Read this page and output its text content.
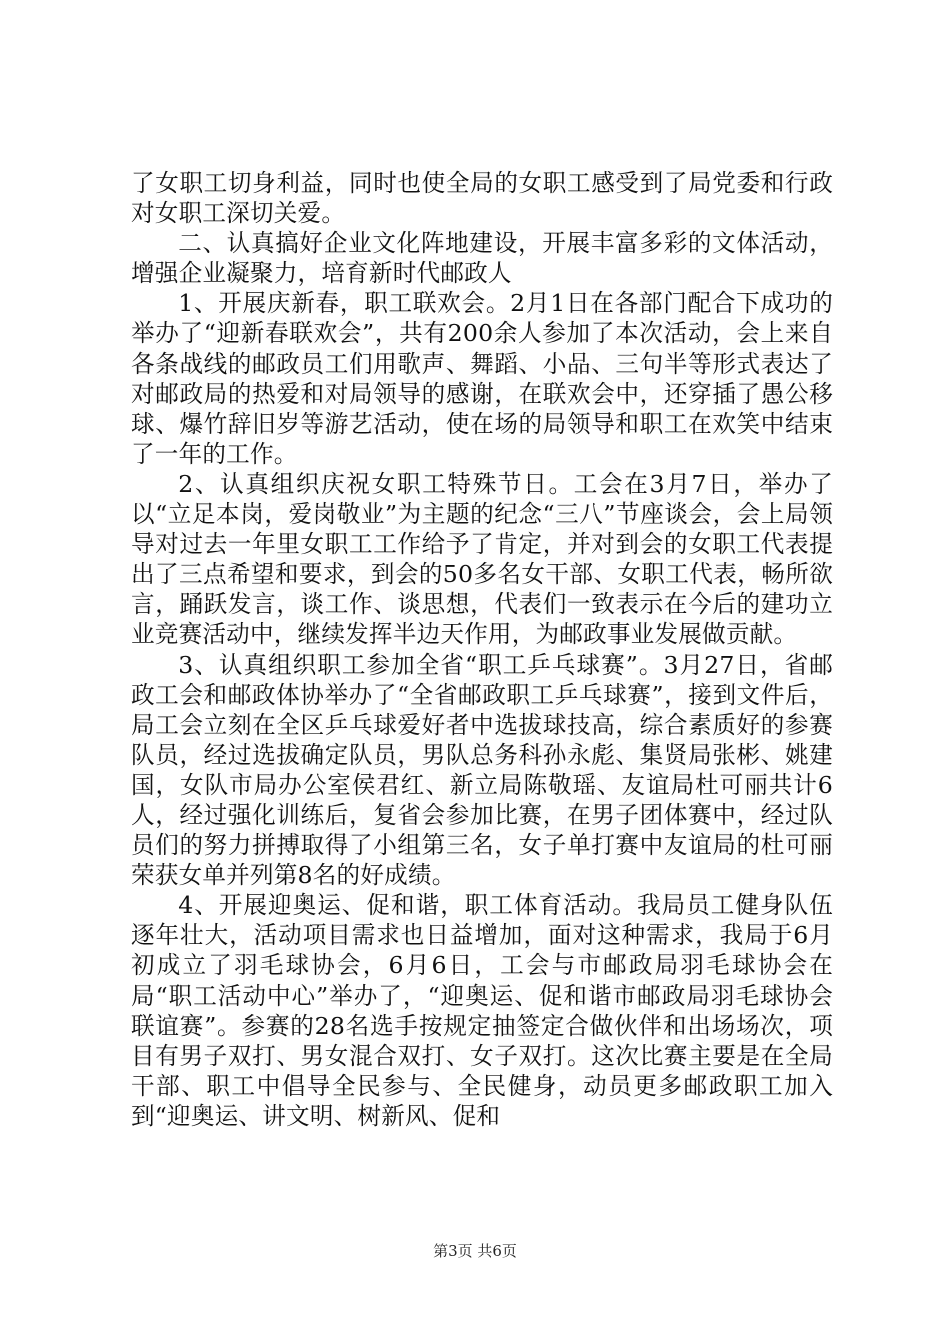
了女职工切身利益，同时也使全局的女职工感受到了局党委和行政对女职工深切关爱。

二、认真搞好企业文化阵地建设，开展丰富多彩的文体活动，增强企业凝聚力，培育新时代邮政人

1、开展庆新春，职工联欢会。2月1日在各部门配合下成功的举办了“迎新春联欢会”，共有200余人参加了本次活动，会上来自各条战线的邮政员工们用歌声、舞蹈、小品、三句半等形式表达了对邮政局的热爱和对局领导的感谢，在联欢会中，还穿插了愚公移球、爆竹辞旧岁等游艺活动，使在场的局领导和职工在欢笑中结束了一年的工作。

2、认真组织庆祝女职工特殊节日。工会在3月7日，举办了以“立足本岗，爱岗敬业”为主题的纪念“三八”节座谈会，会上局领导对过去一年里女职工工作给予了肯定，并对到会的女职工代表提出了三点希望和要求，到会的50多名女干部、女职工代表，畅所欲言，踊跃发言，谈工作、谈思想，代表们一致表示在今后的建功立业竞赛活动中，继续发挥半边天作用，为邮政事业发展做贡献。

3、认真组织职工参加全省“职工乒乓球赛”。3月27日，省邮政工会和邮政体协举办了“全省邮政职工乒乓球赛”，接到文件后，局工会立刻在全区乒乓球爱好者中选拔球技高，综合素质好的参赛队员，经过选拔确定队员，男队总务科孙永彪、集贤局张彬、姚建国，女队市局办公室侯君红、新立局陈敬瑶、友谊局杜可丽共计6人，经过强化训练后，复省会参加比赛，在男子团体赛中，经过队员们的努力拼搏取得了小组第三名，女子单打赛中友谊局的杜可丽荣获女单并列第8名的好成绩。

4、开展迎奥运、促和谐，职工体育活动。我局员工健身队伍逐年壮大，活动项目需求也日益增加，面对这种需求，我局于6月初成立了羽毛球协会，6月6日，工会与市邮政局羽毛球协会在局“职工活动中心”举办了，“迎奥运、促和谐市邮政局羽毛球协会联谊赛”。参赛的28名选手按规定抽签定合做伙伴和出场场次，项目有男子双打、男女混合双打、女子双打。这次比赛主要是在全局干部、职工中倡导全民参与、全民健身，动员更多邮政职工加入到“迎奥运、讲文明、树新风、促和

第3页 共6页
